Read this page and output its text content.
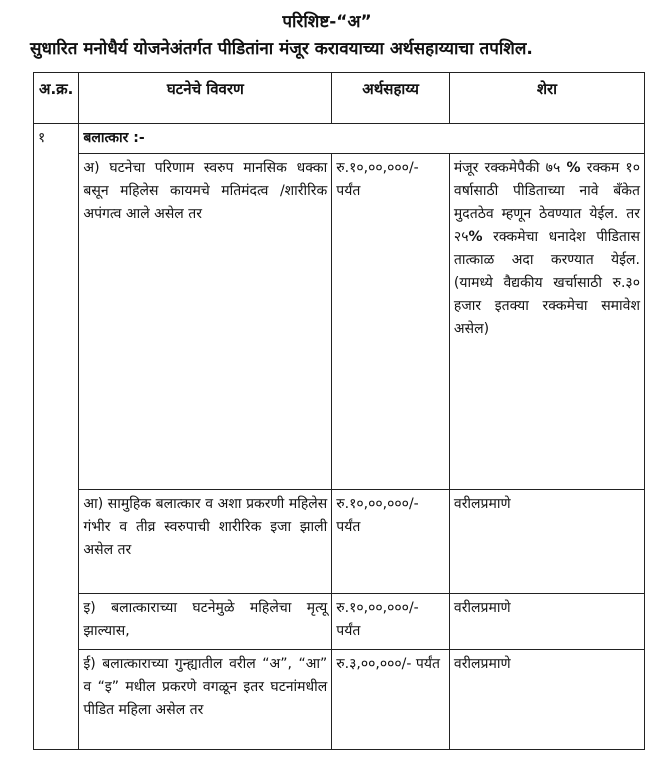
परिशिष्ट-“अ”
सुधारित मनोधैर्य योजनेअंतर्गत पीडितांना मंजूर करावयाच्या अर्थसहाय्याचा तपशिल.
अ.क्र.	घटनेचे विवरण	अर्थसहाय्य	शेरा
१	बलात्कार :-		
	अ) घटनेचा परिणाम स्वरुप मानसिक धक्का बसून महिलेस कायमचे मतिमंदत्व /शारीरिक अपंगत्व आले असेल तर	रु.१०,००,०००/- पर्यंत	मंजूर रक्कमेपैकी ७५ % रक्कम १० वर्षासाठी पीडिताच्या नावे बँकेत मुदतठेव म्हणून ठेवण्यात येईल. तर २५% रक्कमेचा धनादेश पीडितास तात्काळ अदा करण्यात येईल. (यामध्ये वैद्यकीय खर्चासाठी रु.३० हजार इतक्या रक्कमेचा समावेश असेल)
	आ) सामुहिक बलात्कार व अशा प्रकरणी महिलेस गंभीर व तीव्र स्वरुपाची शारीरिक इजा झाली असेल तर	रु.१०,००,०००/- पर्यंत	वरीलप्रमाणे
	इ) बलात्काराच्या घटनेमुळे महिलेचा मृत्यू झाल्यास,	रु.१०,००,०००/- पर्यंत	वरीलप्रमाणे
	ई) बलात्काराच्या गुन्ह्यातील वरील “अ”, “आ” व “इ” मधील प्रकरणे वगळून इतर घटनांमधील पीडित महिला असेल तर	रु.३,००,०००/- पर्यंत	वरीलप्रमाणे
